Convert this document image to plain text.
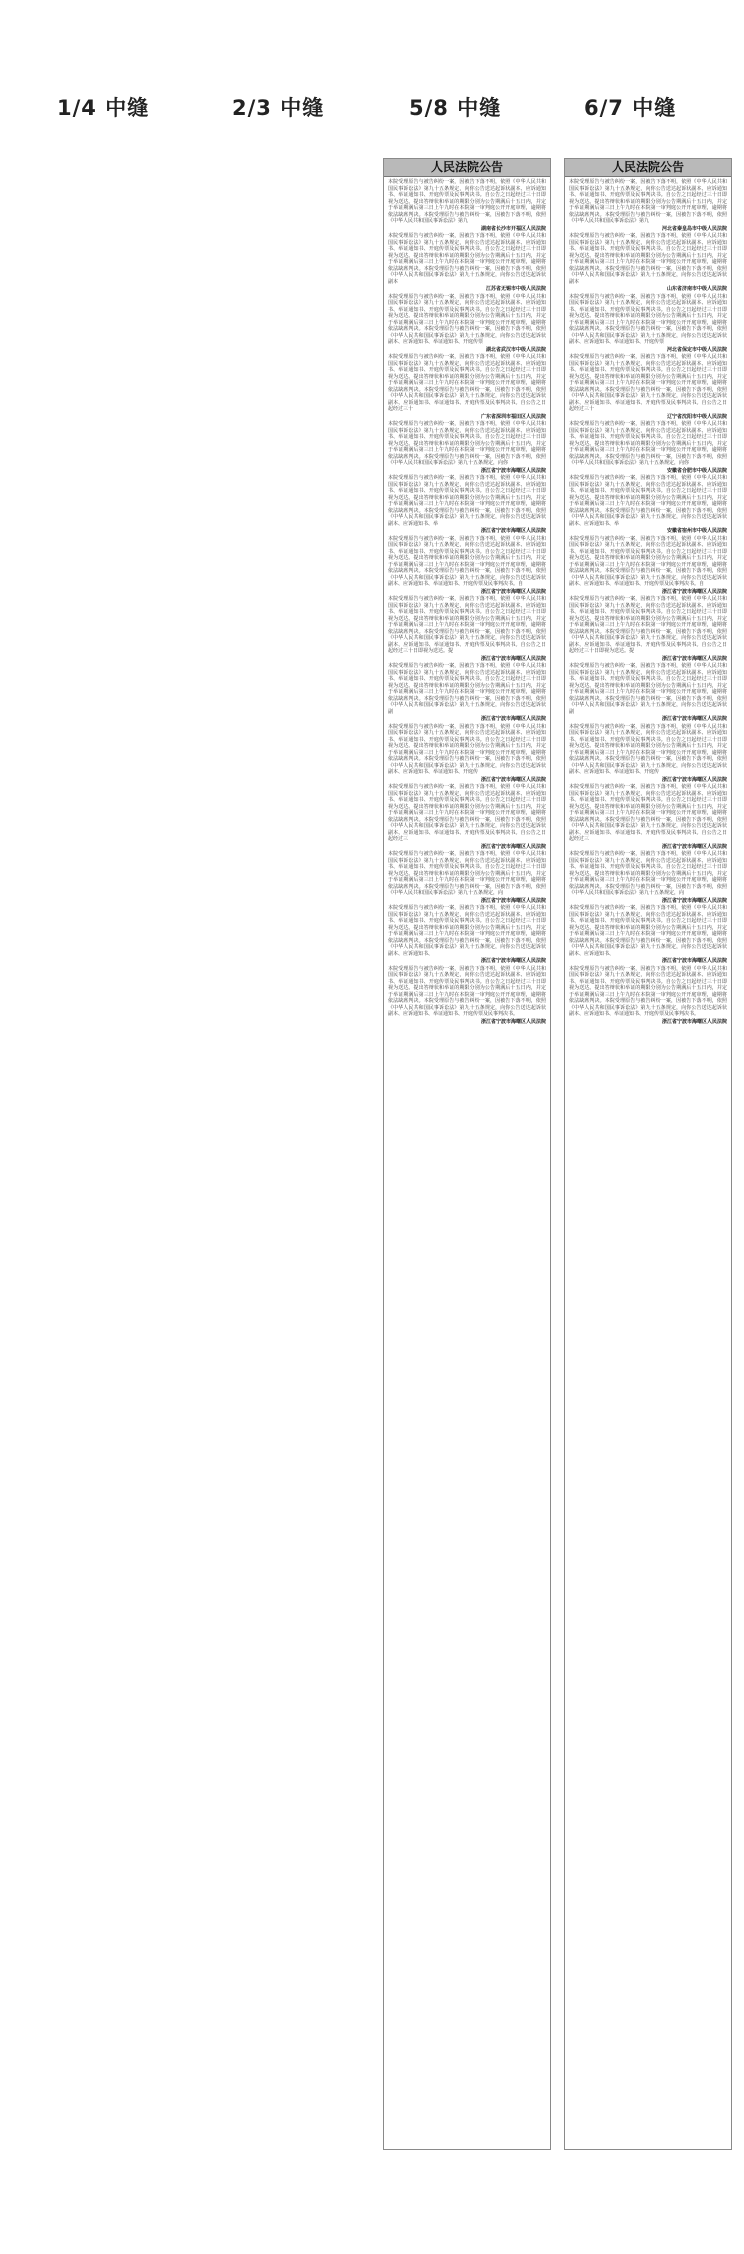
1/4 中缝	2/3 中缝	5/8 中缝	6/7 中缝
人民法院公告
本院受理原告与被告纠纷一案，因被告下落不明，依照《中华人民共和国民事诉讼法》第九十五条规定，向你公告送达起诉状副本、应诉通知书、举证通知书、开庭传票及民事判决书。自公告之日起经过三十日即视为送达。提出答辩状和举证的期限分别为公告期满后十五日内，并定于举证期满后第三日上午九时在本院第一审判庭公开开庭审理，逾期将依法缺席判决。本院受理原告与被告纠纷一案，因被告下落不明，依照《中华人民共和国民事诉讼法》第九
湖南省长沙市开福区人民法院
本院受理原告与被告纠纷一案，因被告下落不明，依照《中华人民共和国民事诉讼法》第九十五条规定，向你公告送达起诉状副本、应诉通知书、举证通知书、开庭传票及民事判决书。自公告之日起经过三十日即视为送达。提出答辩状和举证的期限分别为公告期满后十五日内，并定于举证期满后第三日上午九时在本院第一审判庭公开开庭审理，逾期将依法缺席判决。本院受理原告与被告纠纷一案，因被告下落不明，依照《中华人民共和国民事诉讼法》第九十五条规定，向你公告送达起诉状副本
江苏省无锡市中级人民法院
本院受理原告与被告纠纷一案，因被告下落不明，依照《中华人民共和国民事诉讼法》第九十五条规定，向你公告送达起诉状副本、应诉通知书、举证通知书、开庭传票及民事判决书。自公告之日起经过三十日即视为送达。提出答辩状和举证的期限分别为公告期满后十五日内，并定于举证期满后第三日上午九时在本院第一审判庭公开开庭审理，逾期将依法缺席判决。本院受理原告与被告纠纷一案，因被告下落不明，依照《中华人民共和国民事诉讼法》第九十五条规定，向你公告送达起诉状副本、应诉通知书、举证通知书、开庭传票
湖北省武汉市中级人民法院
本院受理原告与被告纠纷一案，因被告下落不明，依照《中华人民共和国民事诉讼法》第九十五条规定，向你公告送达起诉状副本、应诉通知书、举证通知书、开庭传票及民事判决书。自公告之日起经过三十日即视为送达。提出答辩状和举证的期限分别为公告期满后十五日内，并定于举证期满后第三日上午九时在本院第一审判庭公开开庭审理，逾期将依法缺席判决。本院受理原告与被告纠纷一案，因被告下落不明，依照《中华人民共和国民事诉讼法》第九十五条规定，向你公告送达起诉状副本、应诉通知书、举证通知书、开庭传票及民事判决书。自公告之日起经过三十
广东省深圳市福田区人民法院
本院受理原告与被告纠纷一案，因被告下落不明，依照《中华人民共和国民事诉讼法》第九十五条规定，向你公告送达起诉状副本、应诉通知书、举证通知书、开庭传票及民事判决书。自公告之日起经过三十日即视为送达。提出答辩状和举证的期限分别为公告期满后十五日内，并定于举证期满后第三日上午九时在本院第一审判庭公开开庭审理，逾期将依法缺席判决。本院受理原告与被告纠纷一案，因被告下落不明，依照《中华人民共和国民事诉讼法》第九十五条规定，向你
浙江省宁波市海曙区人民法院
本院受理原告与被告纠纷一案，因被告下落不明，依照《中华人民共和国民事诉讼法》第九十五条规定，向你公告送达起诉状副本、应诉通知书、举证通知书、开庭传票及民事判决书。自公告之日起经过三十日即视为送达。提出答辩状和举证的期限分别为公告期满后十五日内，并定于举证期满后第三日上午九时在本院第一审判庭公开开庭审理，逾期将依法缺席判决。本院受理原告与被告纠纷一案，因被告下落不明，依照《中华人民共和国民事诉讼法》第九十五条规定，向你公告送达起诉状副本、应诉通知书、举
浙江省宁波市海曙区人民法院
本院受理原告与被告纠纷一案，因被告下落不明，依照《中华人民共和国民事诉讼法》第九十五条规定，向你公告送达起诉状副本、应诉通知书、举证通知书、开庭传票及民事判决书。自公告之日起经过三十日即视为送达。提出答辩状和举证的期限分别为公告期满后十五日内，并定于举证期满后第三日上午九时在本院第一审判庭公开开庭审理，逾期将依法缺席判决。本院受理原告与被告纠纷一案，因被告下落不明，依照《中华人民共和国民事诉讼法》第九十五条规定，向你公告送达起诉状副本、应诉通知书、举证通知书、开庭传票及民事判决书。自
浙江省宁波市海曙区人民法院
本院受理原告与被告纠纷一案，因被告下落不明，依照《中华人民共和国民事诉讼法》第九十五条规定，向你公告送达起诉状副本、应诉通知书、举证通知书、开庭传票及民事判决书。自公告之日起经过三十日即视为送达。提出答辩状和举证的期限分别为公告期满后十五日内，并定于举证期满后第三日上午九时在本院第一审判庭公开开庭审理，逾期将依法缺席判决。本院受理原告与被告纠纷一案，因被告下落不明，依照《中华人民共和国民事诉讼法》第九十五条规定，向你公告送达起诉状副本、应诉通知书、举证通知书、开庭传票及民事判决书。自公告之日起经过三十日即视为送达。提
浙江省宁波市海曙区人民法院
本院受理原告与被告纠纷一案，因被告下落不明，依照《中华人民共和国民事诉讼法》第九十五条规定，向你公告送达起诉状副本、应诉通知书、举证通知书、开庭传票及民事判决书。自公告之日起经过三十日即视为送达。提出答辩状和举证的期限分别为公告期满后十五日内，并定于举证期满后第三日上午九时在本院第一审判庭公开开庭审理，逾期将依法缺席判决。本院受理原告与被告纠纷一案，因被告下落不明，依照《中华人民共和国民事诉讼法》第九十五条规定，向你公告送达起诉状副
浙江省宁波市海曙区人民法院
本院受理原告与被告纠纷一案，因被告下落不明，依照《中华人民共和国民事诉讼法》第九十五条规定，向你公告送达起诉状副本、应诉通知书、举证通知书、开庭传票及民事判决书。自公告之日起经过三十日即视为送达。提出答辩状和举证的期限分别为公告期满后十五日内，并定于举证期满后第三日上午九时在本院第一审判庭公开开庭审理，逾期将依法缺席判决。本院受理原告与被告纠纷一案，因被告下落不明，依照《中华人民共和国民事诉讼法》第九十五条规定，向你公告送达起诉状副本、应诉通知书、举证通知书、开庭传
浙江省宁波市海曙区人民法院
本院受理原告与被告纠纷一案，因被告下落不明，依照《中华人民共和国民事诉讼法》第九十五条规定，向你公告送达起诉状副本、应诉通知书、举证通知书、开庭传票及民事判决书。自公告之日起经过三十日即视为送达。提出答辩状和举证的期限分别为公告期满后十五日内，并定于举证期满后第三日上午九时在本院第一审判庭公开开庭审理，逾期将依法缺席判决。本院受理原告与被告纠纷一案，因被告下落不明，依照《中华人民共和国民事诉讼法》第九十五条规定，向你公告送达起诉状副本、应诉通知书、举证通知书、开庭传票及民事判决书。自公告之日起经过三
浙江省宁波市海曙区人民法院
本院受理原告与被告纠纷一案，因被告下落不明，依照《中华人民共和国民事诉讼法》第九十五条规定，向你公告送达起诉状副本、应诉通知书、举证通知书、开庭传票及民事判决书。自公告之日起经过三十日即视为送达。提出答辩状和举证的期限分别为公告期满后十五日内，并定于举证期满后第三日上午九时在本院第一审判庭公开开庭审理，逾期将依法缺席判决。本院受理原告与被告纠纷一案，因被告下落不明，依照《中华人民共和国民事诉讼法》第九十五条规定，向
浙江省宁波市海曙区人民法院
本院受理原告与被告纠纷一案，因被告下落不明，依照《中华人民共和国民事诉讼法》第九十五条规定，向你公告送达起诉状副本、应诉通知书、举证通知书、开庭传票及民事判决书。自公告之日起经过三十日即视为送达。提出答辩状和举证的期限分别为公告期满后十五日内，并定于举证期满后第三日上午九时在本院第一审判庭公开开庭审理，逾期将依法缺席判决。本院受理原告与被告纠纷一案，因被告下落不明，依照《中华人民共和国民事诉讼法》第九十五条规定，向你公告送达起诉状副本、应诉通知书、
浙江省宁波市海曙区人民法院
本院受理原告与被告纠纷一案，因被告下落不明，依照《中华人民共和国民事诉讼法》第九十五条规定，向你公告送达起诉状副本、应诉通知书、举证通知书、开庭传票及民事判决书。自公告之日起经过三十日即视为送达。提出答辩状和举证的期限分别为公告期满后十五日内，并定于举证期满后第三日上午九时在本院第一审判庭公开开庭审理，逾期将依法缺席判决。本院受理原告与被告纠纷一案，因被告下落不明，依照《中华人民共和国民事诉讼法》第九十五条规定，向你公告送达起诉状副本、应诉通知书、举证通知书、开庭传票及民事判决书。
浙江省宁波市海曙区人民法院
人民法院公告
本院受理原告与被告纠纷一案，因被告下落不明，依照《中华人民共和国民事诉讼法》第九十五条规定，向你公告送达起诉状副本、应诉通知书、举证通知书、开庭传票及民事判决书。自公告之日起经过三十日即视为送达。提出答辩状和举证的期限分别为公告期满后十五日内，并定于举证期满后第三日上午九时在本院第一审判庭公开开庭审理，逾期将依法缺席判决。本院受理原告与被告纠纷一案，因被告下落不明，依照《中华人民共和国民事诉讼法》第九
河北省秦皇岛市中级人民法院
本院受理原告与被告纠纷一案，因被告下落不明，依照《中华人民共和国民事诉讼法》第九十五条规定，向你公告送达起诉状副本、应诉通知书、举证通知书、开庭传票及民事判决书。自公告之日起经过三十日即视为送达。提出答辩状和举证的期限分别为公告期满后十五日内，并定于举证期满后第三日上午九时在本院第一审判庭公开开庭审理，逾期将依法缺席判决。本院受理原告与被告纠纷一案，因被告下落不明，依照《中华人民共和国民事诉讼法》第九十五条规定，向你公告送达起诉状副本
山东省济南市中级人民法院
本院受理原告与被告纠纷一案，因被告下落不明，依照《中华人民共和国民事诉讼法》第九十五条规定，向你公告送达起诉状副本、应诉通知书、举证通知书、开庭传票及民事判决书。自公告之日起经过三十日即视为送达。提出答辩状和举证的期限分别为公告期满后十五日内，并定于举证期满后第三日上午九时在本院第一审判庭公开开庭审理，逾期将依法缺席判决。本院受理原告与被告纠纷一案，因被告下落不明，依照《中华人民共和国民事诉讼法》第九十五条规定，向你公告送达起诉状副本、应诉通知书、举证通知书、开庭传票
河北省保定市中级人民法院
本院受理原告与被告纠纷一案，因被告下落不明，依照《中华人民共和国民事诉讼法》第九十五条规定，向你公告送达起诉状副本、应诉通知书、举证通知书、开庭传票及民事判决书。自公告之日起经过三十日即视为送达。提出答辩状和举证的期限分别为公告期满后十五日内，并定于举证期满后第三日上午九时在本院第一审判庭公开开庭审理，逾期将依法缺席判决。本院受理原告与被告纠纷一案，因被告下落不明，依照《中华人民共和国民事诉讼法》第九十五条规定，向你公告送达起诉状副本、应诉通知书、举证通知书、开庭传票及民事判决书。自公告之日起经过三十
辽宁省沈阳市中级人民法院
本院受理原告与被告纠纷一案，因被告下落不明，依照《中华人民共和国民事诉讼法》第九十五条规定，向你公告送达起诉状副本、应诉通知书、举证通知书、开庭传票及民事判决书。自公告之日起经过三十日即视为送达。提出答辩状和举证的期限分别为公告期满后十五日内，并定于举证期满后第三日上午九时在本院第一审判庭公开开庭审理，逾期将依法缺席判决。本院受理原告与被告纠纷一案，因被告下落不明，依照《中华人民共和国民事诉讼法》第九十五条规定，向你
安徽省合肥市中级人民法院
本院受理原告与被告纠纷一案，因被告下落不明，依照《中华人民共和国民事诉讼法》第九十五条规定，向你公告送达起诉状副本、应诉通知书、举证通知书、开庭传票及民事判决书。自公告之日起经过三十日即视为送达。提出答辩状和举证的期限分别为公告期满后十五日内，并定于举证期满后第三日上午九时在本院第一审判庭公开开庭审理，逾期将依法缺席判决。本院受理原告与被告纠纷一案，因被告下落不明，依照《中华人民共和国民事诉讼法》第九十五条规定，向你公告送达起诉状副本、应诉通知书、举
安徽省宿州市中级人民法院
本院受理原告与被告纠纷一案，因被告下落不明，依照《中华人民共和国民事诉讼法》第九十五条规定，向你公告送达起诉状副本、应诉通知书、举证通知书、开庭传票及民事判决书。自公告之日起经过三十日即视为送达。提出答辩状和举证的期限分别为公告期满后十五日内，并定于举证期满后第三日上午九时在本院第一审判庭公开开庭审理，逾期将依法缺席判决。本院受理原告与被告纠纷一案，因被告下落不明，依照《中华人民共和国民事诉讼法》第九十五条规定，向你公告送达起诉状副本、应诉通知书、举证通知书、开庭传票及民事判决书。自
浙江省宁波市海曙区人民法院
本院受理原告与被告纠纷一案，因被告下落不明，依照《中华人民共和国民事诉讼法》第九十五条规定，向你公告送达起诉状副本、应诉通知书、举证通知书、开庭传票及民事判决书。自公告之日起经过三十日即视为送达。提出答辩状和举证的期限分别为公告期满后十五日内，并定于举证期满后第三日上午九时在本院第一审判庭公开开庭审理，逾期将依法缺席判决。本院受理原告与被告纠纷一案，因被告下落不明，依照《中华人民共和国民事诉讼法》第九十五条规定，向你公告送达起诉状副本、应诉通知书、举证通知书、开庭传票及民事判决书。自公告之日起经过三十日即视为送达。提
浙江省宁波市海曙区人民法院
本院受理原告与被告纠纷一案，因被告下落不明，依照《中华人民共和国民事诉讼法》第九十五条规定，向你公告送达起诉状副本、应诉通知书、举证通知书、开庭传票及民事判决书。自公告之日起经过三十日即视为送达。提出答辩状和举证的期限分别为公告期满后十五日内，并定于举证期满后第三日上午九时在本院第一审判庭公开开庭审理，逾期将依法缺席判决。本院受理原告与被告纠纷一案，因被告下落不明，依照《中华人民共和国民事诉讼法》第九十五条规定，向你公告送达起诉状副
浙江省宁波市海曙区人民法院
本院受理原告与被告纠纷一案，因被告下落不明，依照《中华人民共和国民事诉讼法》第九十五条规定，向你公告送达起诉状副本、应诉通知书、举证通知书、开庭传票及民事判决书。自公告之日起经过三十日即视为送达。提出答辩状和举证的期限分别为公告期满后十五日内，并定于举证期满后第三日上午九时在本院第一审判庭公开开庭审理，逾期将依法缺席判决。本院受理原告与被告纠纷一案，因被告下落不明，依照《中华人民共和国民事诉讼法》第九十五条规定，向你公告送达起诉状副本、应诉通知书、举证通知书、开庭传
浙江省宁波市海曙区人民法院
本院受理原告与被告纠纷一案，因被告下落不明，依照《中华人民共和国民事诉讼法》第九十五条规定，向你公告送达起诉状副本、应诉通知书、举证通知书、开庭传票及民事判决书。自公告之日起经过三十日即视为送达。提出答辩状和举证的期限分别为公告期满后十五日内，并定于举证期满后第三日上午九时在本院第一审判庭公开开庭审理，逾期将依法缺席判决。本院受理原告与被告纠纷一案，因被告下落不明，依照《中华人民共和国民事诉讼法》第九十五条规定，向你公告送达起诉状副本、应诉通知书、举证通知书、开庭传票及民事判决书。自公告之日起经过三
浙江省宁波市海曙区人民法院
本院受理原告与被告纠纷一案，因被告下落不明，依照《中华人民共和国民事诉讼法》第九十五条规定，向你公告送达起诉状副本、应诉通知书、举证通知书、开庭传票及民事判决书。自公告之日起经过三十日即视为送达。提出答辩状和举证的期限分别为公告期满后十五日内，并定于举证期满后第三日上午九时在本院第一审判庭公开开庭审理，逾期将依法缺席判决。本院受理原告与被告纠纷一案，因被告下落不明，依照《中华人民共和国民事诉讼法》第九十五条规定，向
浙江省宁波市海曙区人民法院
本院受理原告与被告纠纷一案，因被告下落不明，依照《中华人民共和国民事诉讼法》第九十五条规定，向你公告送达起诉状副本、应诉通知书、举证通知书、开庭传票及民事判决书。自公告之日起经过三十日即视为送达。提出答辩状和举证的期限分别为公告期满后十五日内，并定于举证期满后第三日上午九时在本院第一审判庭公开开庭审理，逾期将依法缺席判决。本院受理原告与被告纠纷一案，因被告下落不明，依照《中华人民共和国民事诉讼法》第九十五条规定，向你公告送达起诉状副本、应诉通知书、
浙江省宁波市海曙区人民法院
本院受理原告与被告纠纷一案，因被告下落不明，依照《中华人民共和国民事诉讼法》第九十五条规定，向你公告送达起诉状副本、应诉通知书、举证通知书、开庭传票及民事判决书。自公告之日起经过三十日即视为送达。提出答辩状和举证的期限分别为公告期满后十五日内，并定于举证期满后第三日上午九时在本院第一审判庭公开开庭审理，逾期将依法缺席判决。本院受理原告与被告纠纷一案，因被告下落不明，依照《中华人民共和国民事诉讼法》第九十五条规定，向你公告送达起诉状副本、应诉通知书、举证通知书、开庭传票及民事判决书。
浙江省宁波市海曙区人民法院
